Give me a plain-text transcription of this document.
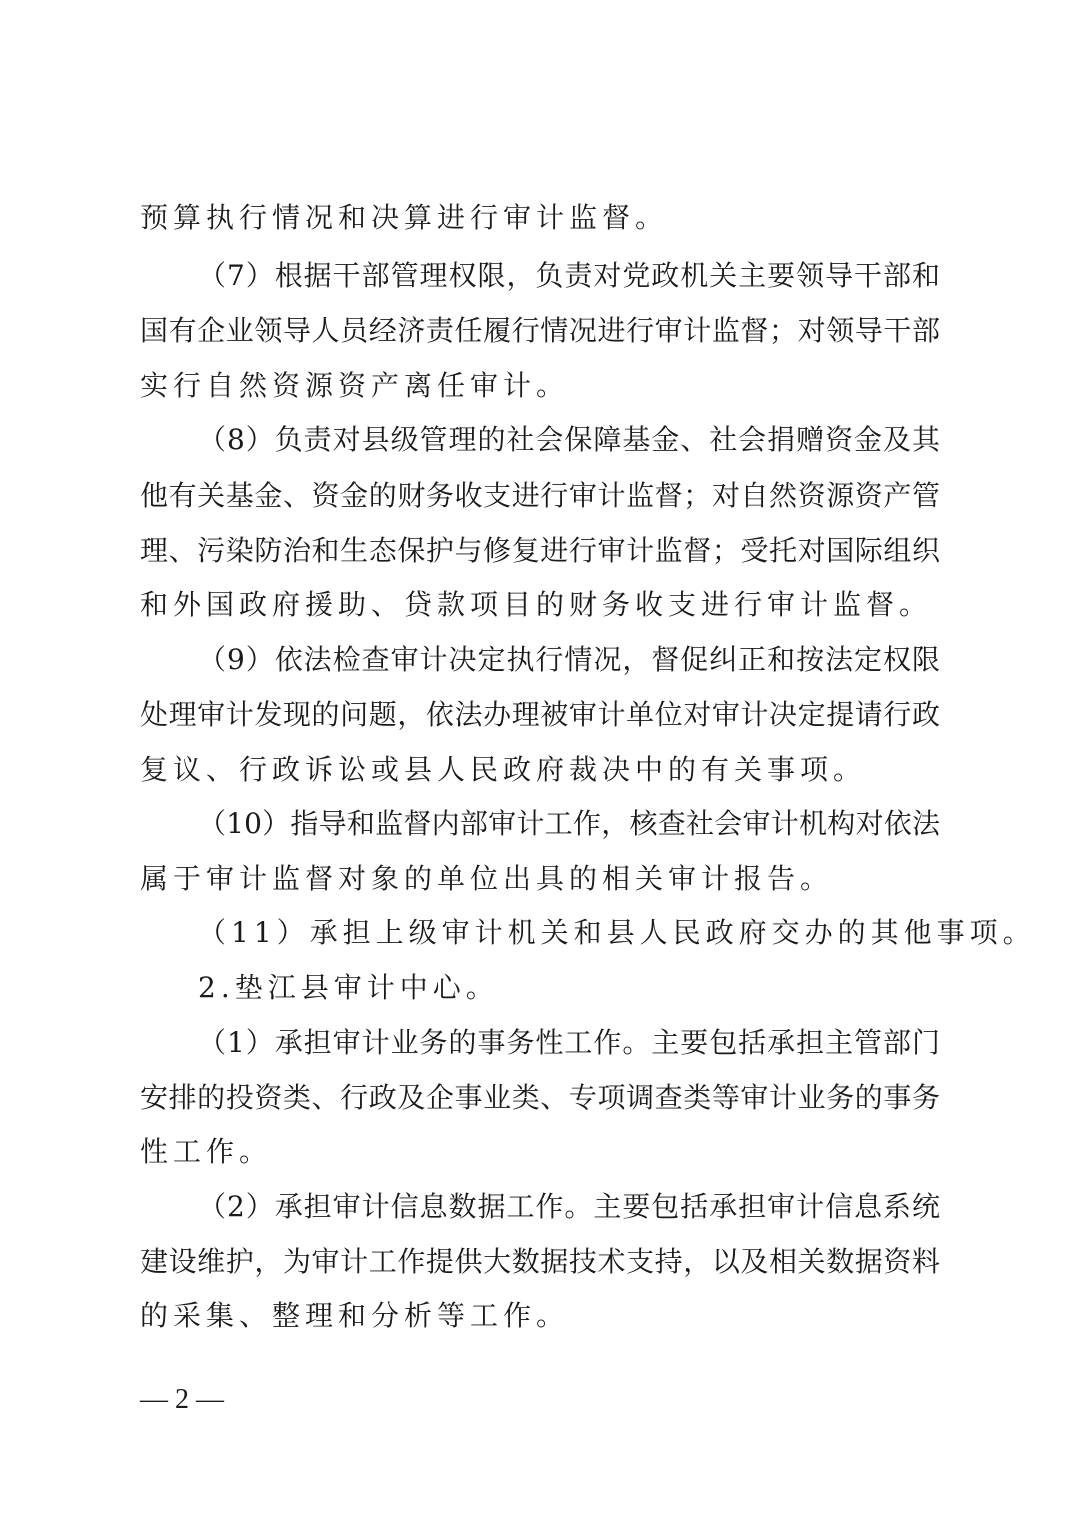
预算执行情况和决算进行审计监督。
（7）根据干部管理权限，负责对党政机关主要领导干部和
国有企业领导人员经济责任履行情况进行审计监督；对领导干部
实行自然资源资产离任审计。
（8）负责对县级管理的社会保障基金、社会捐赠资金及其
他有关基金、资金的财务收支进行审计监督；对自然资源资产管
理、污染防治和生态保护与修复进行审计监督；受托对国际组织
和外国政府援助、贷款项目的财务收支进行审计监督。
（9）依法检查审计决定执行情况，督促纠正和按法定权限
处理审计发现的问题，依法办理被审计单位对审计决定提请行政
复议、行政诉讼或县人民政府裁决中的有关事项。
（10）指导和监督内部审计工作，核查社会审计机构对依法
属于审计监督对象的单位出具的相关审计报告。
（11）承担上级审计机关和县人民政府交办的其他事项。
2.垫江县审计中心。
（1）承担审计业务的事务性工作。主要包括承担主管部门
安排的投资类、行政及企事业类、专项调查类等审计业务的事务
性工作。
（2）承担审计信息数据工作。主要包括承担审计信息系统
建设维护，为审计工作提供大数据技术支持，以及相关数据资料
的采集、整理和分析等工作。
— 2 —
